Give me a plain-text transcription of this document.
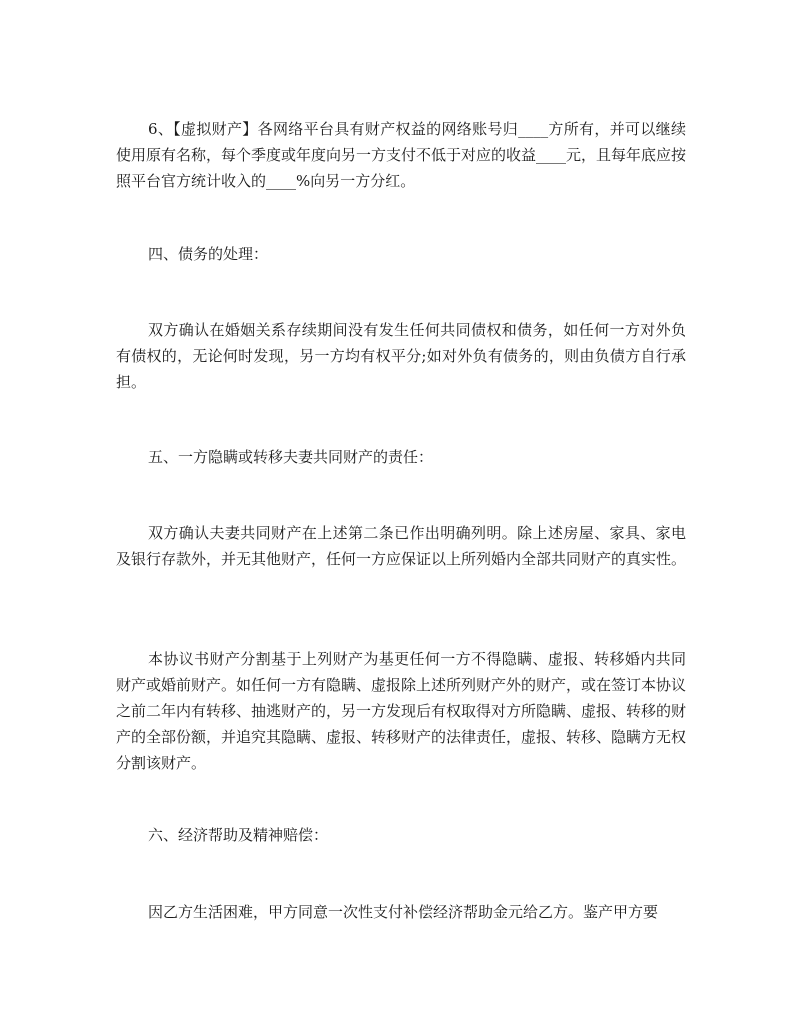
6、【虚拟财产】各网络平台具有财产权益的网络账号归____方所有，并可以继续使用原有名称，每个季度或年度向另一方支付不低于对应的收益____元，且每年底应按照平台官方统计收入的____%向另一方分红。

四、债务的处理：

双方确认在婚姻关系存续期间没有发生任何共同债权和债务，如任何一方对外负有债权的，无论何时发现，另一方均有权平分;如对外负有债务的，则由负债方自行承担。

五、一方隐瞒或转移夫妻共同财产的责任：

双方确认夫妻共同财产在上述第二条已作出明确列明。除上述房屋、家具、家电及银行存款外，并无其他财产，任何一方应保证以上所列婚内全部共同财产的真实性。

本协议书财产分割基于上列财产为基更任何一方不得隐瞒、虚报、转移婚内共同财产或婚前财产。如任何一方有隐瞒、虚报除上述所列财产外的财产，或在签订本协议之前二年内有转移、抽逃财产的，另一方发现后有权取得对方所隐瞒、虚报、转移的财产的全部份额，并追究其隐瞒、虚报、转移财产的法律责任，虚报、转移、隐瞒方无权分割该财产。

六、经济帮助及精神赔偿：

因乙方生活困难，甲方同意一次性支付补偿经济帮助金元给乙方。鉴产甲方要
